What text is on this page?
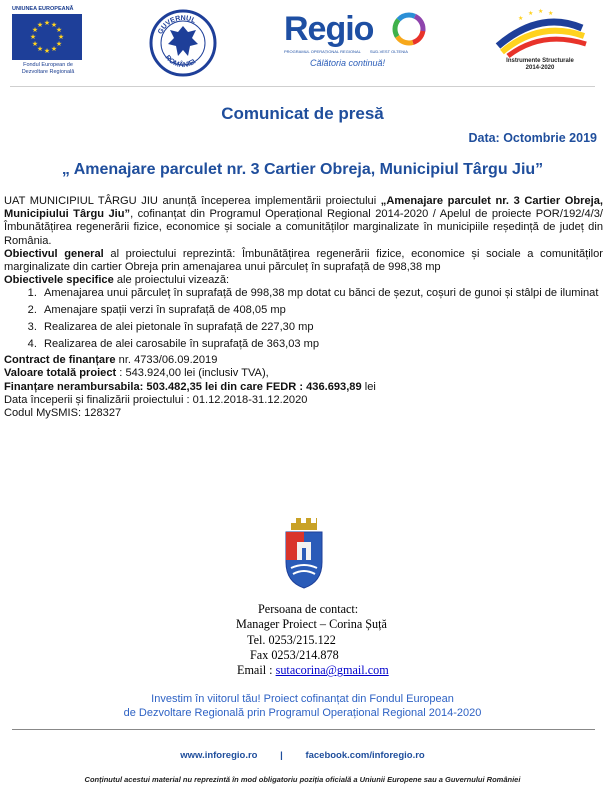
UNIUNEA EUROPEANĂ
★ ★
★
★
★
★
★
★
★
★
★
★
Fondul European de
Dezvoltare Regională
GUVERNUL
ROMÂNIEI
Regio
PROGRAMUL OPERAȚIONAL REGIONAL SUD-VEST OLTENIA
Călătoria continuă!
★
★ ★ ★
Instrumente Structurale
2014-2020
Comunicat de presă
Data: Octombrie 2019
„ Amenajare parculet nr. 3 Cartier Obreja, Municipiul Târgu Jiu”

UAT MUNICIPIUL TÂRGU JIU anunță începerea implementării proiectului „Amenajare parculet nr. 3 Cartier Obreja, Municipiului Târgu Jiu”, cofinanțat din Programul Operațional Regional 2014-2020 / Apelul de proiecte POR/192/4/3/Îmbunătățirea regenerării fizice, economice și sociale a comunităților marginalizate în municipiile reședință de județ din România.

Obiectivul general al proiectului reprezintă: Îmbunătățirea regenerării fizice, economice și sociale a comunităților marginalizate din cartier Obreja prin amenajarea unui părculeț în suprafață de 998,38 mp

Obiectivele specifice ale proiectului vizează:

1. Amenajarea unui părculeț în suprafață de 998,38 mp dotat cu bănci de șezut, coșuri de gunoi și stâlpi de iluminat
2. Amenajare spații verzi în suprafață de 408,05 mp
3. Realizarea de alei pietonale în suprafață de 227,30 mp
4. Realizarea de alei carosabile în suprafață de 363,03 mp

Contract de finanțare nr. 4733/06.09.2019

Valoare totală proiect : 543.924,00 lei (inclusiv TVA),

Finanțare nerambursabila: 503.482,35 lei din care FEDR : 436.693,89 lei

Data începerii și finalizării proiectului : 01.12.2018-31.12.2020

Codul MySMIS: 128327

Persoana de contact:
Manager Proiect – Corina Șuță
Tel. 0253/215.122
Fax 0253/214.878
Email : sutacorina@gmail.com
Investim în viitorul tău! Proiect cofinanțat din Fondul European
de Dezvoltare Regională prin Programul Operațional Regional 2014-2020
www.inforegio.ro | facebook.com/inforegio.ro
Conținutul acestui material nu reprezintă în mod obligatoriu poziția oficială a Uniunii Europene sau a Guvernului României
